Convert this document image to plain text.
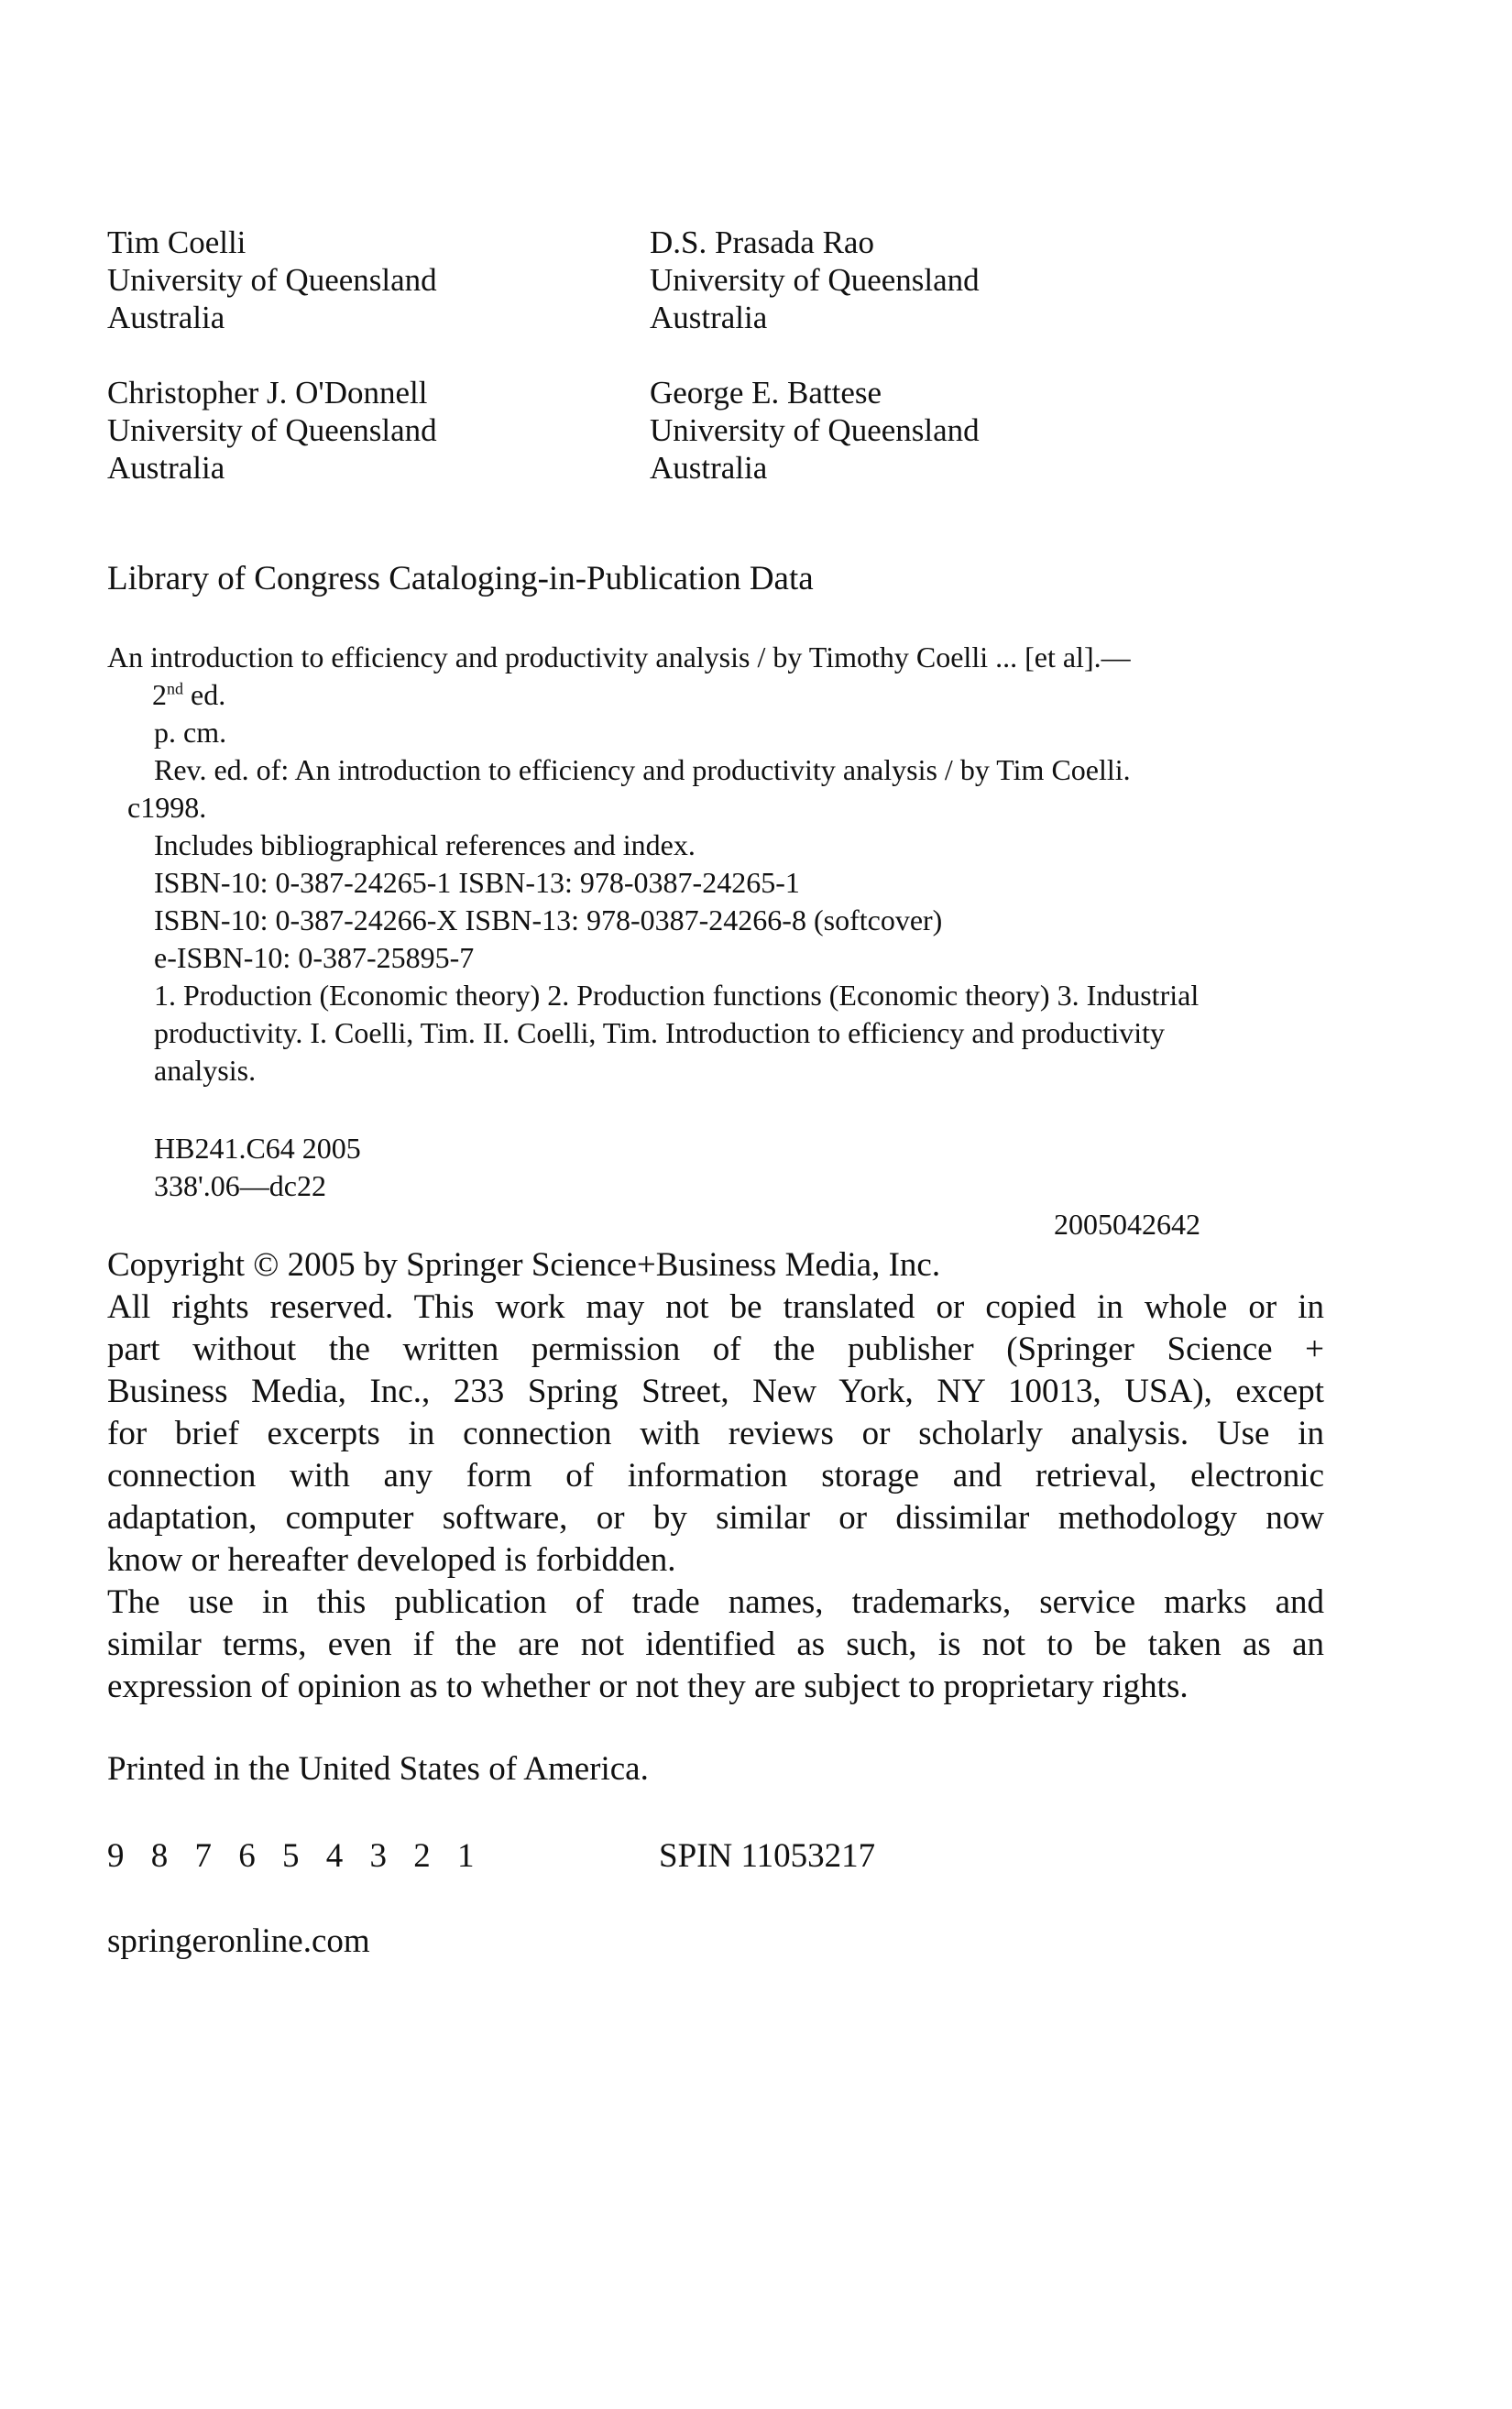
Tim Coelli
University of Queensland
Australia
D.S. Prasada Rao
University of Queensland
Australia
Christopher J. O'Donnell
University of Queensland
Australia
George E. Battese
University of Queensland
Australia
Library of Congress Cataloging-in-Publication Data
An introduction to efficiency and productivity analysis / by Timothy Coelli ... [et al].—
2nd ed.
p. cm.
Rev. ed. of: An introduction to efficiency and productivity analysis / by Tim Coelli.
c1998.
Includes bibliographical references and index.
ISBN-10: 0-387-24265-1 ISBN-13: 978-0387-24265-1
ISBN-10: 0-387-24266-X ISBN-13: 978-0387-24266-8 (softcover)
e-ISBN-10: 0-387-25895-7
1. Production (Economic theory) 2. Production functions (Economic theory) 3. Industrial
productivity. I. Coelli, Tim. II. Coelli, Tim. Introduction to efficiency and productivity
analysis.
HB241.C64 2005
338'.06—dc22
2005042642
Copyright © 2005 by Springer Science+Business Media, Inc.
All rights reserved. This work may not be translated or copied in whole or in
part without the written permission of the publisher (Springer Science +
Business Media, Inc., 233 Spring Street, New York, NY 10013, USA), except
for brief excerpts in connection with reviews or scholarly analysis. Use in
connection with any form of information storage and retrieval, electronic
adaptation, computer software, or by similar or dissimilar methodology now
know or hereafter developed is forbidden.
The use in this publication of trade names, trademarks, service marks and
similar terms, even if the are not identified as such, is not to be taken as an
expression of opinion as to whether or not they are subject to proprietary rights.
Printed in the United States of America.
9 8 7 6 5 4 3 2 1	SPIN 11053217
springeronline.com
